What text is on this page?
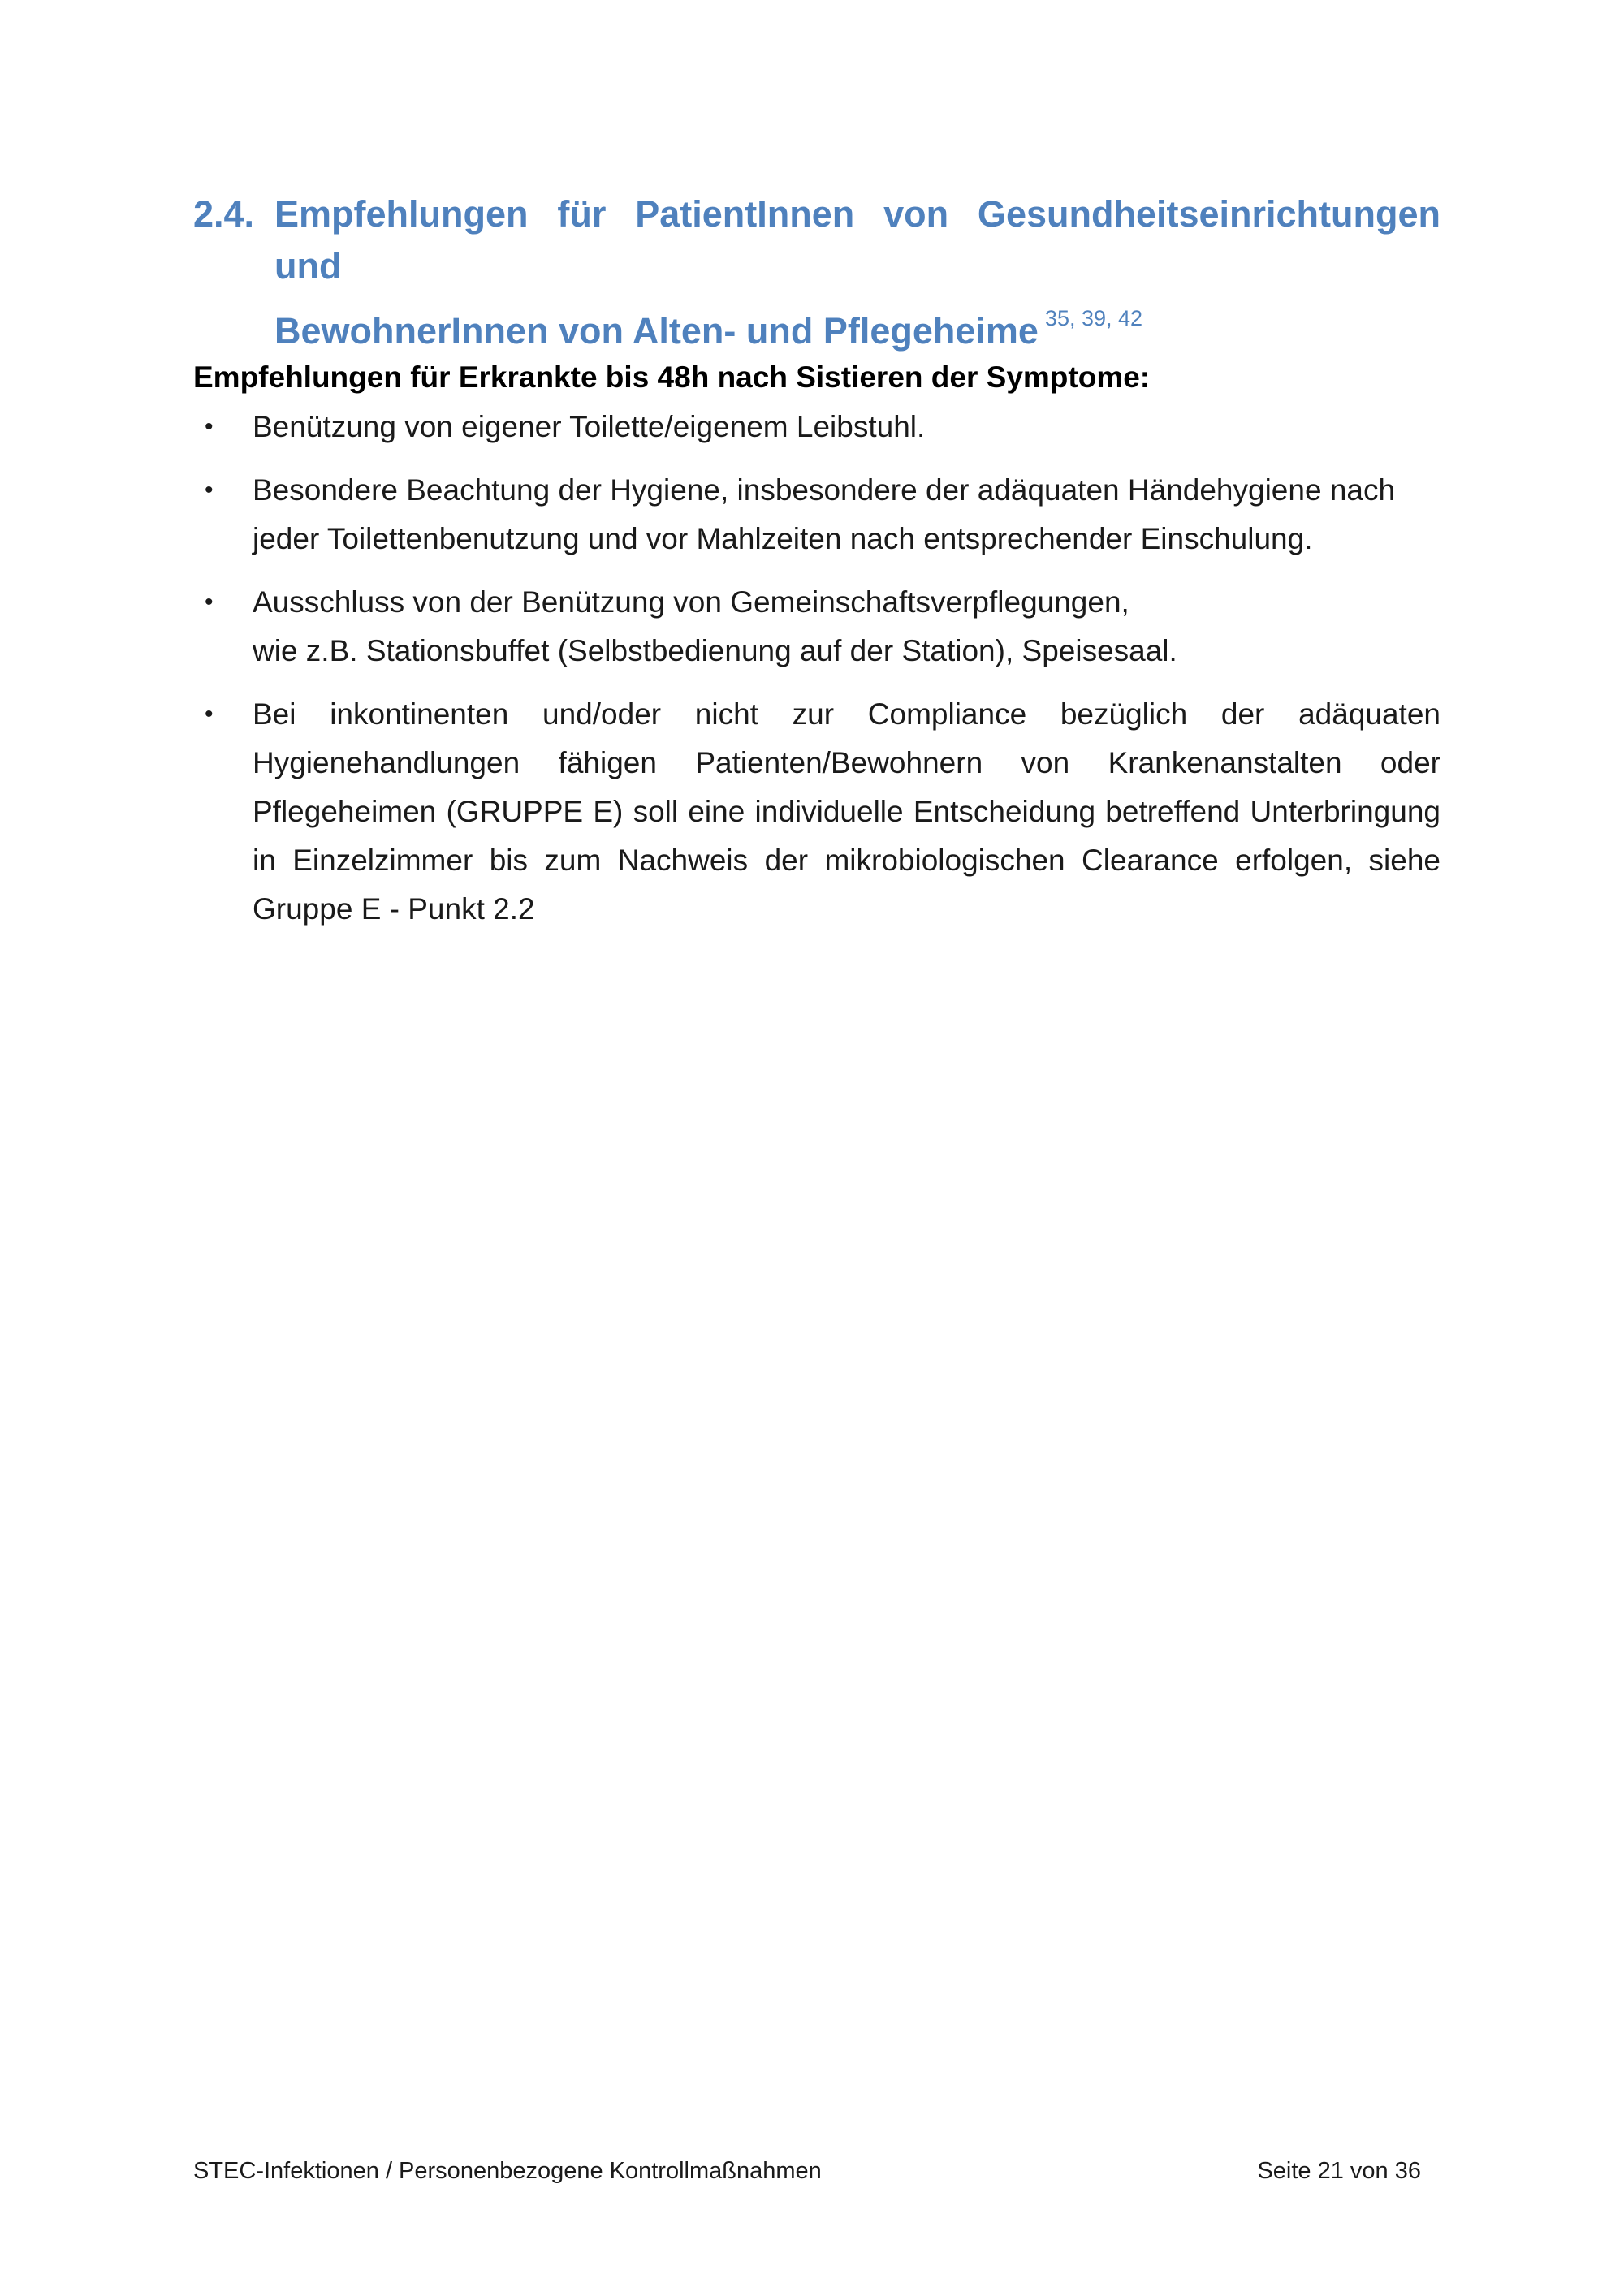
2.4. Empfehlungen für PatientInnen von Gesundheitseinrichtungen und
BewohnerInnen von Alten- und Pflegeheime $^{35, 39, 42}$
Empfehlungen für Erkrankte bis 48h nach Sistieren der Symptome:
•	Benützung von eigener Toilette/eigenem Leibstuhl.
•	Besondere Beachtung der Hygiene, insbesondere der adäquaten Händehygiene nach
jeder Toilettenbenutzung und vor Mahlzeiten nach entsprechender Einschulung.
•	Ausschluss von der Benützung von Gemeinschaftsverpflegungen,
wie z.B. Stationsbuffet (Selbstbedienung auf der Station), Speisesaal.
•	Bei inkontinenten und/oder nicht zur Compliance bezüglich der adäquaten Hygienehandlungen fähigen Patienten/Bewohnern von Krankenanstalten oder Pflegeheimen (GRUPPE E) soll eine individuelle Entscheidung betreffend Unterbringung in Einzelzimmer bis zum Nachweis der mikrobiologischen Clearance erfolgen, siehe Gruppe E - Punkt 2.2
STEC-Infektionen / Personenbezogene Kontrollmaßnahmen	Seite 21 von 36
